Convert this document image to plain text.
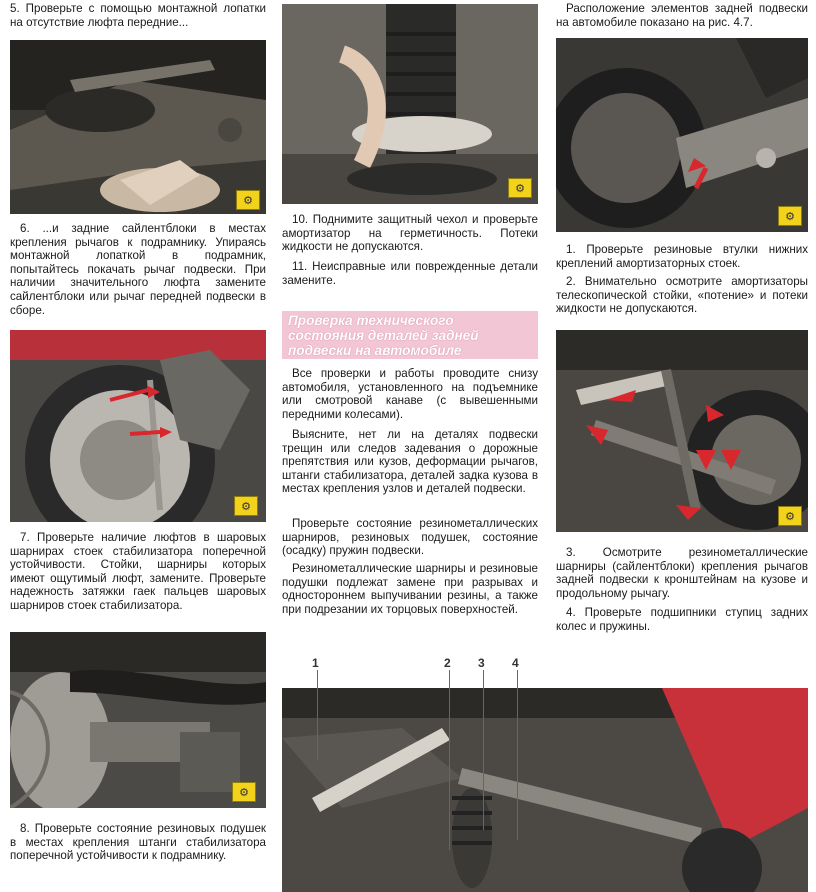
5. Проверьте с помощью монтажной лопатки на отсутствие люфта передние...

⚙

6. ...и задние сайлентблоки в местах крепления рычагов к подрамнику. Упираясь монтажной лопаткой в подрамник, попытайтесь покачать рычаг подвески. При наличии значительного люфта замените сайлентблоки или рычаг передней подвески в сборе.

⚙

7. Проверьте наличие люфтов в шаровых шарнирах стоек стабилизатора поперечной устойчивости. Стойки, шарниры которых имеют ощутимый люфт, замените. Проверьте надежность затяжки гаек пальцев шаровых шарниров стоек стабилизатора.

⚙

8. Проверьте состояние резиновых подушек в местах крепления штанги стабилизатора поперечной устойчивости к подрамнику.

⚙

10. Поднимите защитный чехол и проверьте амортизатор на герметичность. Потеки жидкости не допускаются.

11. Неисправные или поврежденные детали замените.

Проверка технического состояния деталей задней подвески на автомобиле

Все проверки и работы проводите снизу автомобиля, установленного на подъемнике или смотровой канаве (с вывешенными передними колесами).

Выясните, нет ли на деталях подвески трещин или следов задевания о дорожные препятствия или кузов, деформации рычагов, штанги стабилизатора, деталей задка кузова в местах крепления узлов и деталей подвески.

Проверьте состояние резинометаллических шарниров, резиновых подушек, состояние (осадку) пружин подвески.

Резинометаллические шарниры и резиновые подушки подлежат замене при разрывах и одностороннем выпучивании резины, а также при подрезании их торцовых поверхностей.

Расположение элементов задней подвески на автомобиле показано на рис. 4.7.

⚙

1. Проверьте резиновые втулки нижних креплений амортизаторных стоек.

2. Внимательно осмотрите амортизаторы телескопической стойки, «потение» и потеки жидкости не допускаются.

⚙

3. Осмотрите резинометаллические шарниры (сайлентблоки) крепления рычагов задней подвески к кронштейнам на кузове и продольному рычагу.

4. Проверьте подшипники ступиц задних колес и пружины.

1	2 3 4
